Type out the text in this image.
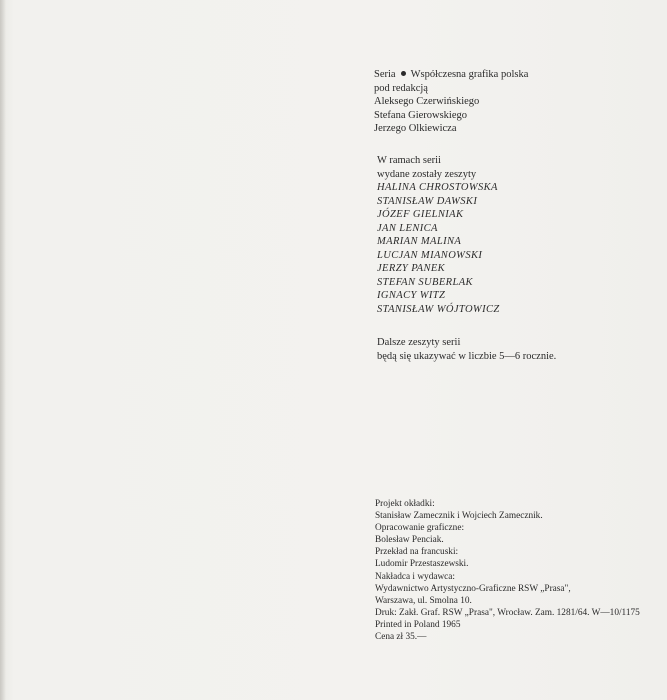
Seria Współczesna grafika polska
pod redakcją
Aleksego Czerwińskiego
Stefana Gierowskiego
Jerzego Olkiewicza
W ramach serii
wydane zostały zeszyty
HALINA CHROSTOWSKA
STANISŁAW DAWSKI
JÓZEF GIELNIAK
JAN LENICA
MARIAN MALINA
LUCJAN MIANOWSKI
JERZY PANEK
STEFAN SUBERLAK
IGNACY WITZ
STANISŁAW WÓJTOWICZ
Dalsze zeszyty serii
będą się ukazywać w liczbie 5—6 rocznie.
Projekt okładki:
Stanisław Zamecznik i Wojciech Zamecznik.
Opracowanie graficzne:
Bolesław Penciak.
Przekład na francuski:
Ludomir Przestaszewski.
Nakładca i wydawca:
Wydawnictwo Artystyczno-Graficzne RSW „Prasa",
Warszawa, ul. Smolna 10.
Druk: Zakł. Graf. RSW „Prasa", Wrocław. Zam. 1281/64. W—10/1175
Printed in Poland 1965
Cena zł 35.—
